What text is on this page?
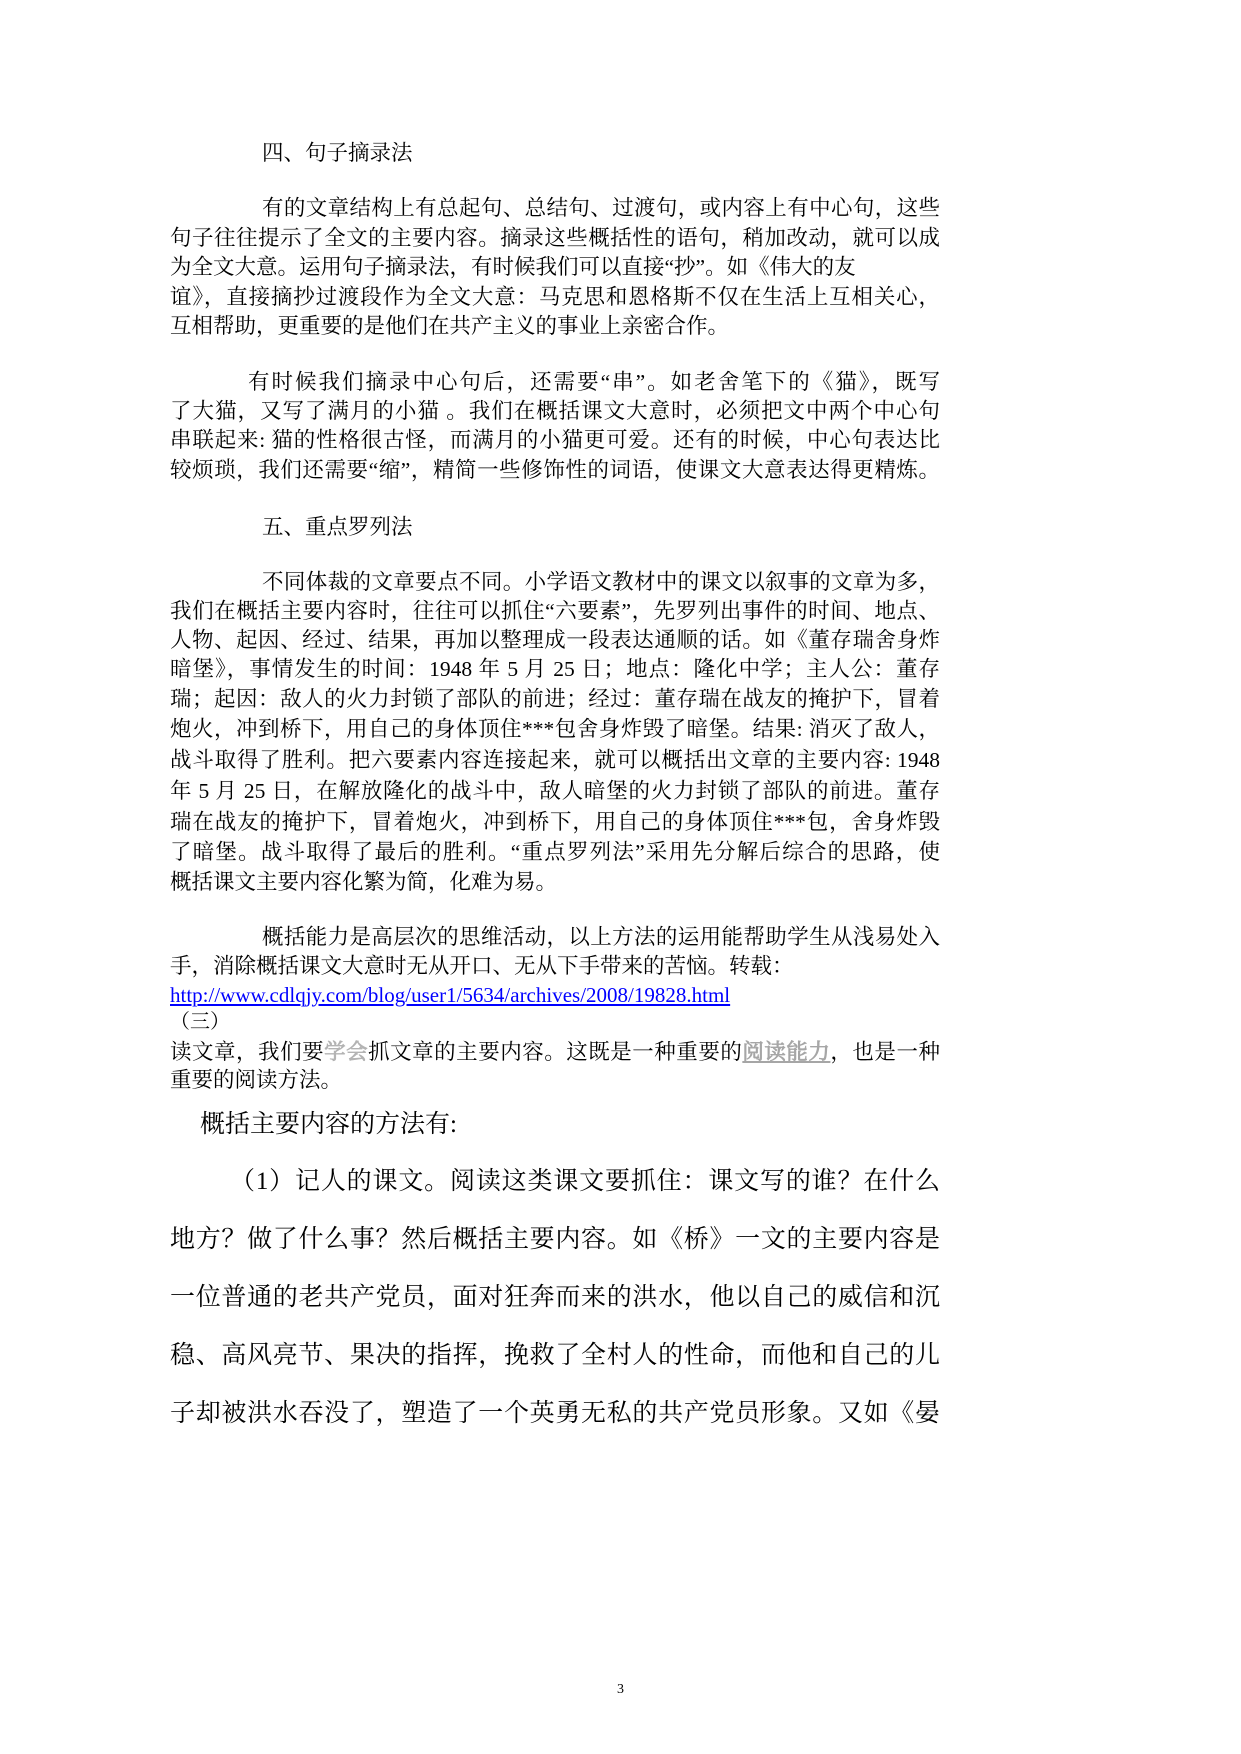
四、句子摘录法
有的文章结构上有总起句、总结句、过渡句，或内容上有中心句，这些
句子往往提示了全文的主要内容。摘录这些概括性的语句，稍加改动，就可以成
为全文大意。运用句子摘录法，有时候我们可以直接“抄”。如《伟大的友
谊》，直接摘抄过渡段作为全文大意：马克思和恩格斯不仅在生活上互相关心，
互相帮助，更重要的是他们在共产主义的事业上亲密合作。
有时候我们摘录中心句后，还需要“串”。如老舍笔下的《猫》，既写
了大猫，又写了满月的小猫 。我们在概括课文大意时，必须把文中两个中心句
串联起来: 猫的性格很古怪，而满月的小猫更可爱。还有的时候，中心句表达比
较烦琐，我们还需要“缩”，精简一些修饰性的词语，使课文大意表达得更精炼。
五、重点罗列法
不同体裁的文章要点不同。小学语文教材中的课文以叙事的文章为多，
我们在概括主要内容时，往往可以抓住“六要素”，先罗列出事件的时间、地点、
人物、起因、经过、结果，再加以整理成一段表达通顺的话。如《董存瑞舍身炸
暗堡》，事情发生的时间：1948 年 5 月 25 日；地点：隆化中学；主人公：董存
瑞；起因：敌人的火力封锁了部队的前进；经过：董存瑞在战友的掩护下，冒着
炮火，冲到桥下，用自己的身体顶住***包舍身炸毁了暗堡。结果: 消灭了敌人，
战斗取得了胜利。把六要素内容连接起来，就可以概括出文章的主要内容: 1948
年 5 月 25 日，在解放隆化的战斗中，敌人暗堡的火力封锁了部队的前进。董存
瑞在战友的掩护下，冒着炮火，冲到桥下，用自己的身体顶住***包，舍身炸毁
了暗堡。战斗取得了最后的胜利。“重点罗列法”采用先分解后综合的思路，使
概括课文主要内容化繁为简，化难为易。
概括能力是高层次的思维活动，以上方法的运用能帮助学生从浅易处入
手，消除概括课文大意时无从开口、无从下手带来的苦恼。转载：
http://www.cdlqjy.com/blog/user1/5634/archives/2008/19828.html
（三）
读文章，我们要学会抓文章的主要内容。这既是一种重要的阅读能力，也是一种
重要的阅读方法。
概括主要内容的方法有:
（1）记人的课文。阅读这类课文要抓住：课文写的谁？在什么
地方？做了什么事？然后概括主要内容。如《桥》一文的主要内容是
一位普通的老共产党员，面对狂奔而来的洪水，他以自己的威信和沉
稳、高风亮节、果决的指挥，挽救了全村人的性命，而他和自己的儿
子却被洪水吞没了，塑造了一个英勇无私的共产党员形象。又如《晏
3
